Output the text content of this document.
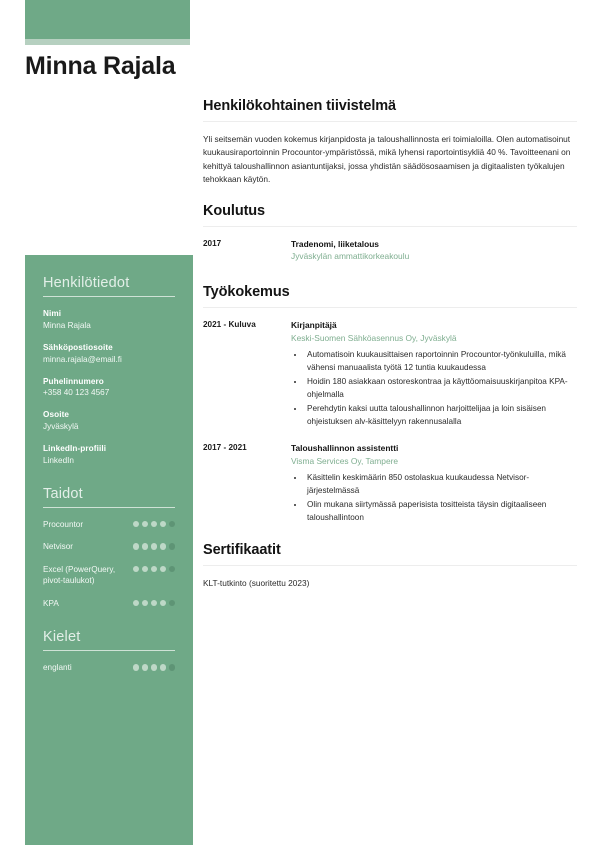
Minna Rajala
Henkilötiedot
Nimi
Minna Rajala
Sähköpostiosoite
minna.rajala@email.fi
Puhelinnumero
+358 40 123 4567
Osoite
Jyväskylä
LinkedIn-profiili
LinkedIn
Taidot
Procountor
Netvisor
Excel (PowerQuery, pivot-taulukot)
KPA
Kielet
englanti
Henkilökohtainen tiivistelmä

Yli seitsemän vuoden kokemus kirjanpidosta ja taloushallinnosta eri toimialoilla. Olen automatisoinut kuukausiraportoinnin Procountor-ympäristössä, mikä lyhensi raportointisykliä 40 %. Tavoitteenani on kehittyä taloushallinnon asiantuntijaksi, jossa yhdistän säädösosaamisen ja digitaalisten työkalujen tehokkaan käytön.

Koulutus
2017	Tradenomi, liiketalous
Jyväskylän ammattikorkeakoulu
Työkokemus
2021 - Kuluva	Kirjanpitäjä
Keski-Suomen Sähköasennus Oy, Jyväskylä
• Automatisoin kuukausittaisen raportoinnin Procountor-työnkuluilla, mikä vähensi manuaalista työtä 12 tuntia kuukaudessa
• Hoidin 180 asiakkaan ostoreskontraa ja käyttöomaisuuskirjanpitoa KPA-ohjelmalla
• Perehdytin kaksi uutta taloushallinnon harjoittelijaa ja loin sisäisen ohjeistuksen alv-käsittelyyn rakennusalalla
2017 - 2021	Taloushallinnon assistentti
Visma Services Oy, Tampere
• Käsittelin keskimäärin 850 ostolaskua kuukaudessa Netvisor-järjestelmässä
• Olin mukana siirtymässä paperisista tositteista täysin digitaaliseen taloushallintoon
Sertifikaatit
KLT-tutkinto (suoritettu 2023)
